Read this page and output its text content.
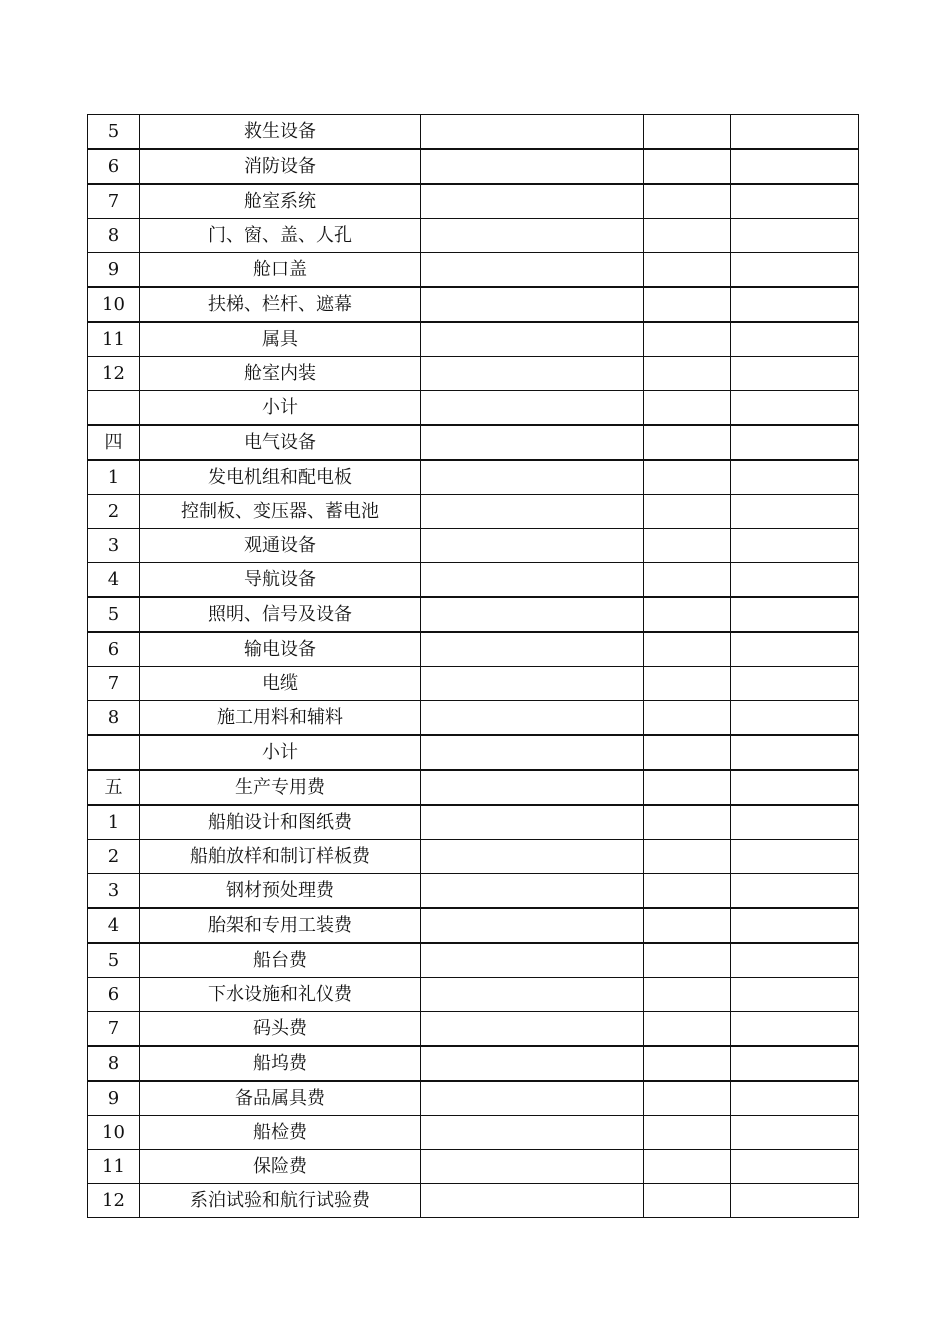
5	救生设备			
6	消防设备			
7	舱室系统			
8	门、窗、盖、人孔			
9	舱口盖			
10	扶梯、栏杆、遮幕			
11	属具			
12	舱室内装			
	小计			
四	电气设备			
1	发电机组和配电板			
2	控制板、变压器、蓄电池			
3	观通设备			
4	导航设备			
5	照明、信号及设备			
6	输电设备			
7	电缆			
8	施工用料和辅料			
	小计			
五	生产专用费			
1	船舶设计和图纸费			
2	船舶放样和制订样板费			
3	钢材预处理费			
4	胎架和专用工装费			
5	船台费			
6	下水设施和礼仪费			
7	码头费			
8	船坞费			
9	备品属具费			
10	船检费			
11	保险费			
12	系泊试验和航行试验费			
